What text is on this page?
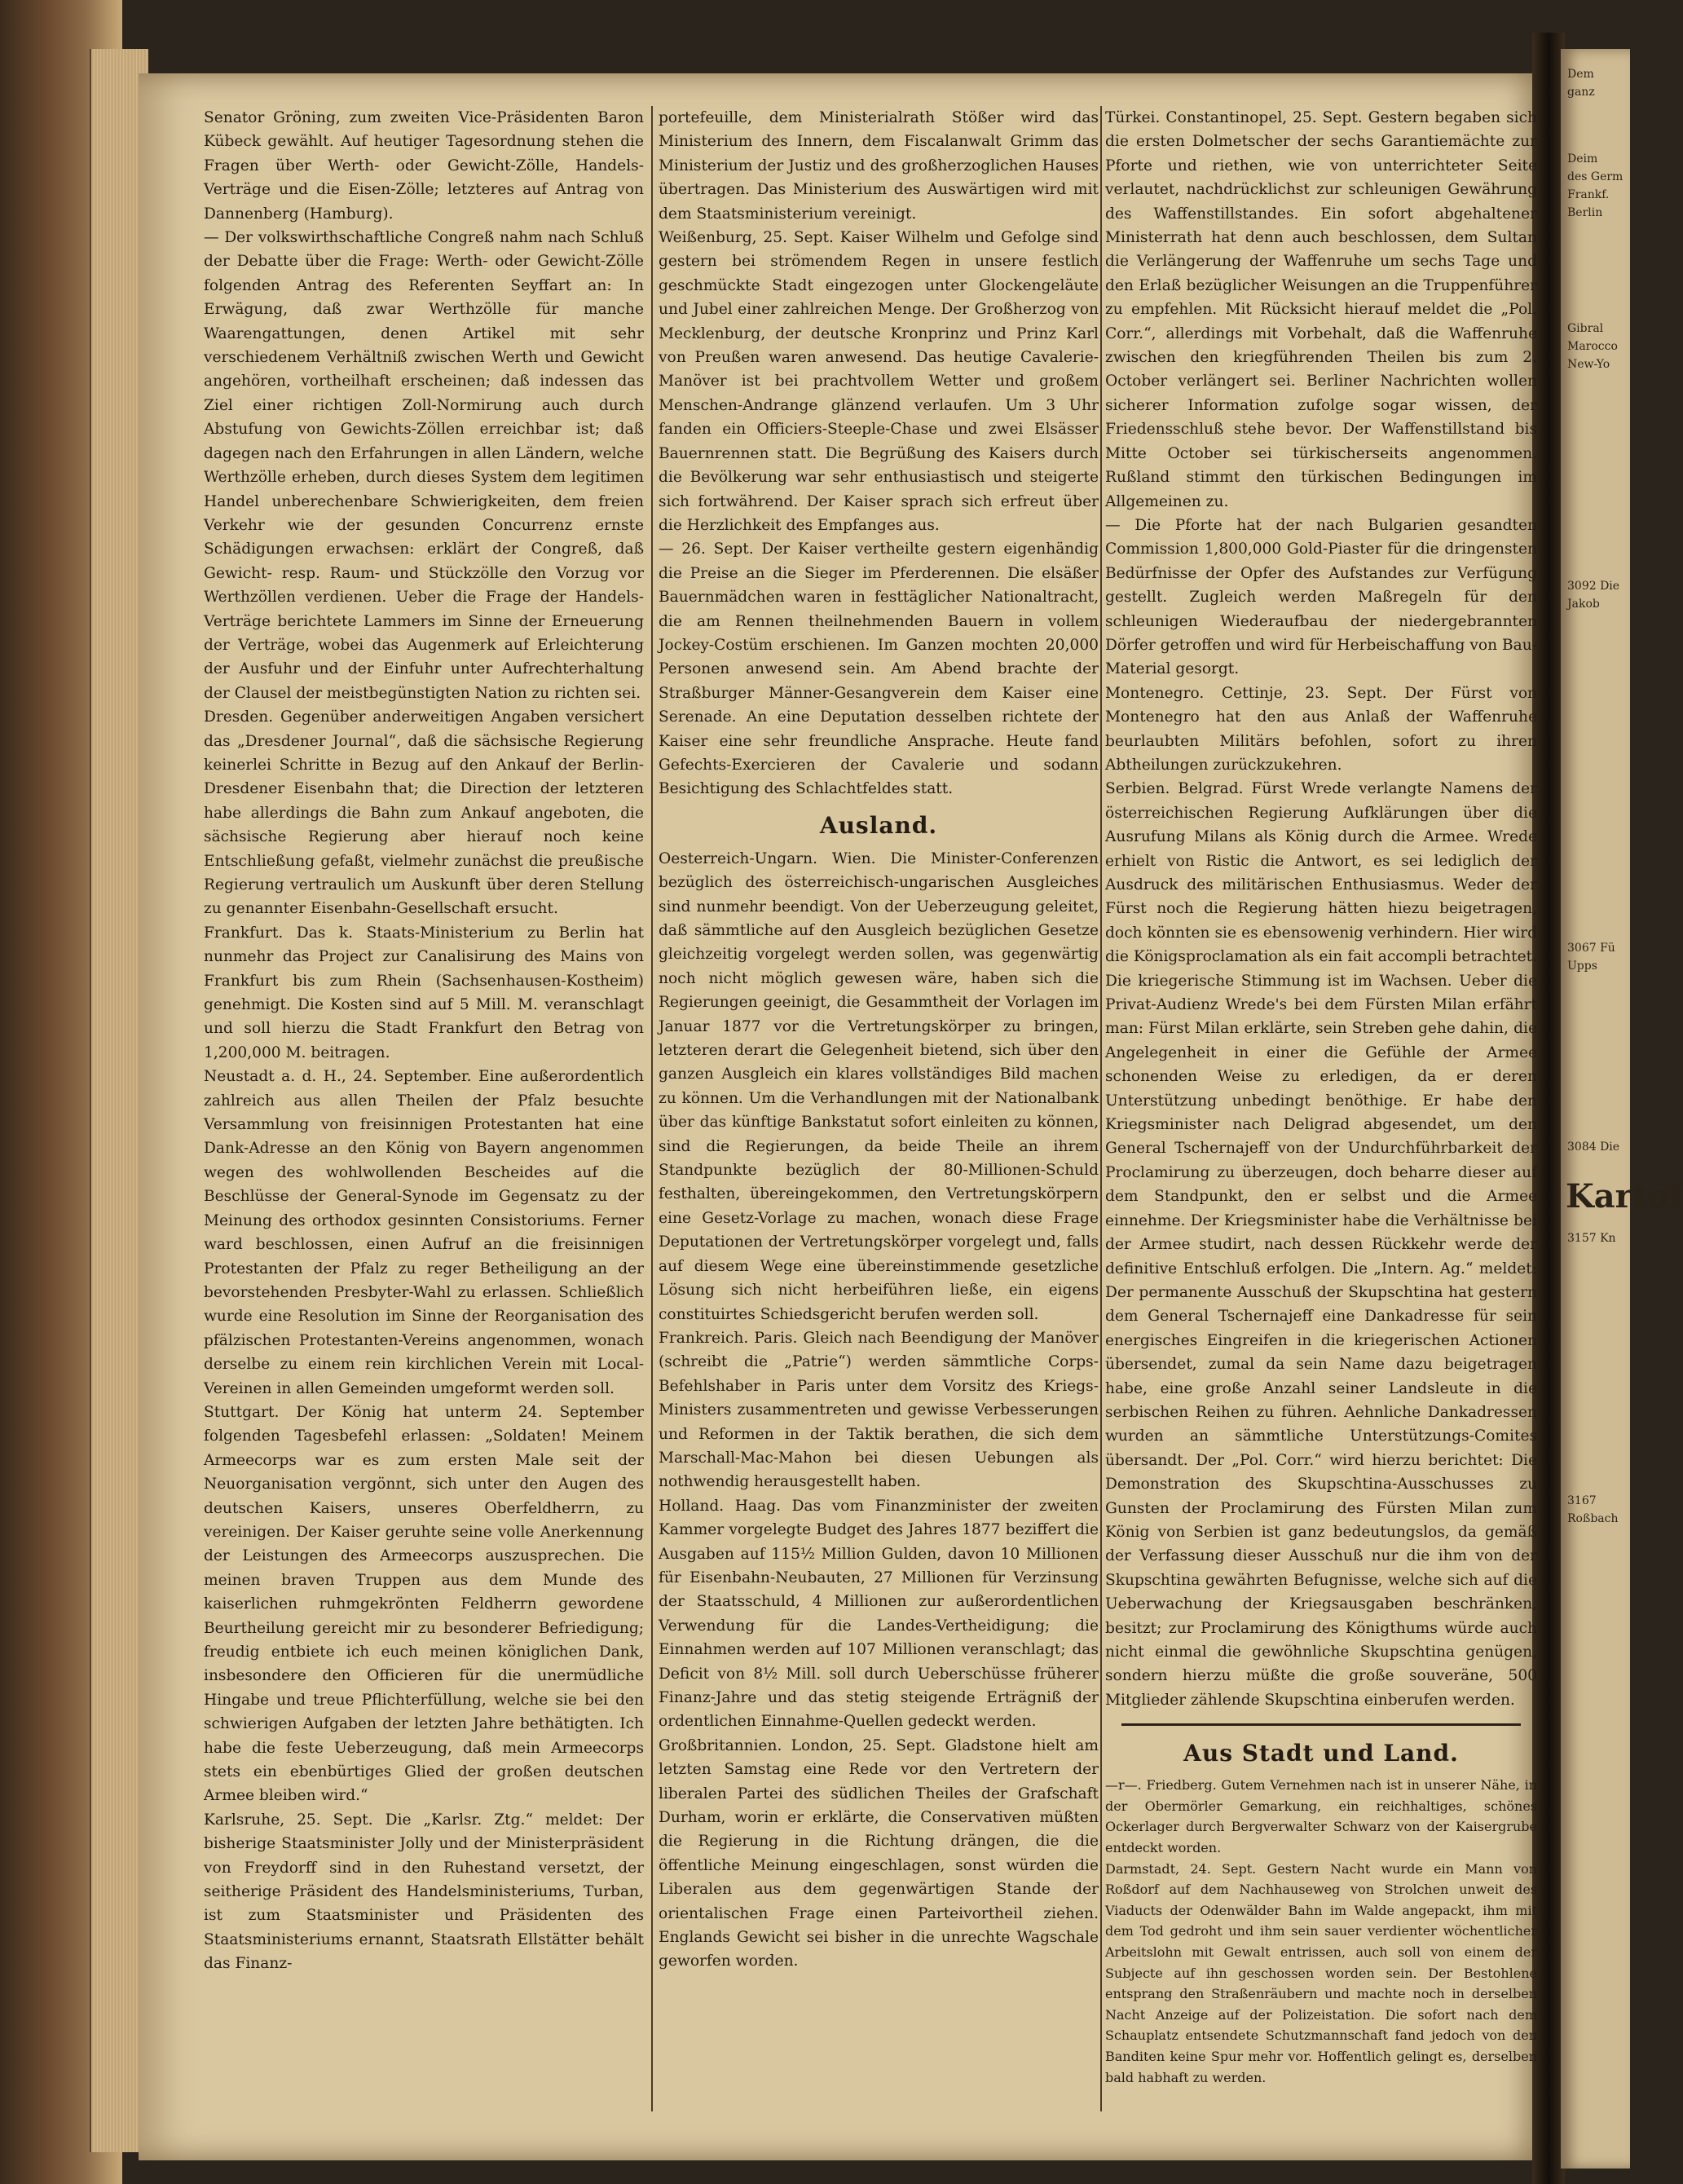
Dem
ganz
Deim
des Germ
Frankf.
Berlin
Gibral
Marocco
New-Yo
3092 Die
Jakob
3067 Fü
Upps
3084 Die
Kartof
3157 Kn
3167
Roßbach

Senator Gröning, zum zweiten Vice-Präsidenten Baron Kübeck gewählt. Auf heutiger Tagesordnung stehen die Fragen über Werth- oder Gewicht-Zölle, Handels-Verträge und die Eisen-Zölle; letzteres auf Antrag von Dannenberg (Hamburg).

— Der volkswirthschaftliche Congreß nahm nach Schluß der Debatte über die Frage: Werth- oder Gewicht-Zölle folgenden Antrag des Referenten Seyffart an: In Erwägung, daß zwar Werthzölle für manche Waarengattungen, denen Artikel mit sehr verschiedenem Verhältniß zwischen Werth und Gewicht angehören, vortheilhaft erscheinen; daß indessen das Ziel einer richtigen Zoll-Normirung auch durch Abstufung von Gewichts-Zöllen erreichbar ist; daß dagegen nach den Erfahrungen in allen Ländern, welche Werthzölle erheben, durch dieses System dem legitimen Handel unberechenbare Schwierigkeiten, dem freien Verkehr wie der gesunden Concurrenz ernste Schädigungen erwachsen: erklärt der Congreß, daß Gewicht- resp. Raum- und Stückzölle den Vorzug vor Werthzöllen verdienen. Ueber die Frage der Handels-Verträge berichtete Lammers im Sinne der Erneuerung der Verträge, wobei das Augenmerk auf Erleichterung der Ausfuhr und der Einfuhr unter Aufrechterhaltung der Clausel der meistbegünstigten Nation zu richten sei.

Dresden. Gegenüber anderweitigen Angaben versichert das „Dresdener Journal“, daß die sächsische Regierung keinerlei Schritte in Bezug auf den Ankauf der Berlin-Dresdener Eisenbahn that; die Direction der letzteren habe allerdings die Bahn zum Ankauf angeboten, die sächsische Regierung aber hierauf noch keine Entschließung gefaßt, vielmehr zunächst die preußische Regierung vertraulich um Auskunft über deren Stellung zu genannter Eisenbahn-Gesellschaft ersucht.

Frankfurt. Das k. Staats-Ministerium zu Berlin hat nunmehr das Project zur Canalisirung des Mains von Frankfurt bis zum Rhein (Sachsenhausen-Kostheim) genehmigt. Die Kosten sind auf 5 Mill. M. veranschlagt und soll hierzu die Stadt Frankfurt den Betrag von 1,200,000 M. beitragen.

Neustadt a. d. H., 24. September. Eine außerordentlich zahlreich aus allen Theilen der Pfalz besuchte Versammlung von freisinnigen Protestanten hat eine Dank-Adresse an den König von Bayern angenommen wegen des wohlwollenden Bescheides auf die Beschlüsse der General-Synode im Gegensatz zu der Meinung des orthodox gesinnten Consistoriums. Ferner ward beschlossen, einen Aufruf an die freisinnigen Protestanten der Pfalz zu reger Betheiligung an der bevorstehenden Presbyter-Wahl zu erlassen. Schließlich wurde eine Resolution im Sinne der Reorganisation des pfälzischen Protestanten-Vereins angenommen, wonach derselbe zu einem rein kirchlichen Verein mit Local-Vereinen in allen Gemeinden umgeformt werden soll.

Stuttgart. Der König hat unterm 24. September folgenden Tagesbefehl erlassen: „Soldaten! Meinem Armeecorps war es zum ersten Male seit der Neuorganisation vergönnt, sich unter den Augen des deutschen Kaisers, unseres Oberfeldherrn, zu vereinigen. Der Kaiser geruhte seine volle Anerkennung der Leistungen des Armeecorps auszusprechen. Die meinen braven Truppen aus dem Munde des kaiserlichen ruhmgekrönten Feldherrn gewordene Beurtheilung gereicht mir zu besonderer Befriedigung; freudig entbiete ich euch meinen königlichen Dank, insbesondere den Officieren für die unermüdliche Hingabe und treue Pflichterfüllung, welche sie bei den schwierigen Aufgaben der letzten Jahre bethätigten. Ich habe die feste Ueberzeugung, daß mein Armeecorps stets ein ebenbürtiges Glied der großen deutschen Armee bleiben wird.“

Karlsruhe, 25. Sept. Die „Karlsr. Ztg.“ meldet: Der bisherige Staatsminister Jolly und der Ministerpräsident von Freydorff sind in den Ruhestand versetzt, der seitherige Präsident des Handelsministeriums, Turban, ist zum Staatsminister und Präsidenten des Staatsministeriums ernannt, Staatsrath Ellstätter behält das Finanz-

portefeuille, dem Ministerialrath Stößer wird das Ministerium des Innern, dem Fiscalanwalt Grimm das Ministerium der Justiz und des großherzoglichen Hauses übertragen. Das Ministerium des Auswärtigen wird mit dem Staatsministerium vereinigt.

Weißenburg, 25. Sept. Kaiser Wilhelm und Gefolge sind gestern bei strömendem Regen in unsere festlich geschmückte Stadt eingezogen unter Glockengeläute und Jubel einer zahlreichen Menge. Der Großherzog von Mecklenburg, der deutsche Kronprinz und Prinz Karl von Preußen waren anwesend. Das heutige Cavalerie-Manöver ist bei prachtvollem Wetter und großem Menschen-Andrange glänzend verlaufen. Um 3 Uhr fanden ein Officiers-Steeple-Chase und zwei Elsässer Bauernrennen statt. Die Begrüßung des Kaisers durch die Bevölkerung war sehr enthusiastisch und steigerte sich fortwährend. Der Kaiser sprach sich erfreut über die Herzlichkeit des Empfanges aus.

— 26. Sept. Der Kaiser vertheilte gestern eigenhändig die Preise an die Sieger im Pferderennen. Die elsäßer Bauernmädchen waren in festtäglicher Nationaltracht, die am Rennen theilnehmenden Bauern in vollem Jockey-Costüm erschienen. Im Ganzen mochten 20,000 Personen anwesend sein. Am Abend brachte der Straßburger Männer-Gesangverein dem Kaiser eine Serenade. An eine Deputation desselben richtete der Kaiser eine sehr freundliche Ansprache. Heute fand Gefechts-Exercieren der Cavalerie und sodann Besichtigung des Schlachtfeldes statt.

Ausland.

Oesterreich-Ungarn. Wien. Die Minister-Conferenzen bezüglich des österreichisch-ungarischen Ausgleiches sind nunmehr beendigt. Von der Ueberzeugung geleitet, daß sämmtliche auf den Ausgleich bezüglichen Gesetze gleichzeitig vorgelegt werden sollen, was gegenwärtig noch nicht möglich gewesen wäre, haben sich die Regierungen geeinigt, die Gesammtheit der Vorlagen im Januar 1877 vor die Vertretungskörper zu bringen, letzteren derart die Gelegenheit bietend, sich über den ganzen Ausgleich ein klares vollständiges Bild machen zu können. Um die Verhandlungen mit der Nationalbank über das künftige Bankstatut sofort einleiten zu können, sind die Regierungen, da beide Theile an ihrem Standpunkte bezüglich der 80-Millionen-Schuld festhalten, übereingekommen, den Vertretungskörpern eine Gesetz-Vorlage zu machen, wonach diese Frage Deputationen der Vertretungskörper vorgelegt und, falls auf diesem Wege eine übereinstimmende gesetzliche Lösung sich nicht herbeiführen ließe, ein eigens constituirtes Schiedsgericht berufen werden soll.

Frankreich. Paris. Gleich nach Beendigung der Manöver (schreibt die „Patrie“) werden sämmtliche Corps-Befehlshaber in Paris unter dem Vorsitz des Kriegs-Ministers zusammentreten und gewisse Verbesserungen und Reformen in der Taktik berathen, die sich dem Marschall-Mac-Mahon bei diesen Uebungen als nothwendig herausgestellt haben.

Holland. Haag. Das vom Finanzminister der zweiten Kammer vorgelegte Budget des Jahres 1877 beziffert die Ausgaben auf 115½ Million Gulden, davon 10 Millionen für Eisenbahn-Neubauten, 27 Millionen für Verzinsung der Staatsschuld, 4 Millionen zur außerordentlichen Verwendung für die Landes-Vertheidigung; die Einnahmen werden auf 107 Millionen veranschlagt; das Deficit von 8½ Mill. soll durch Ueberschüsse früherer Finanz-Jahre und das stetig steigende Erträgniß der ordentlichen Einnahme-Quellen gedeckt werden.

Großbritannien. London, 25. Sept. Gladstone hielt am letzten Samstag eine Rede vor den Vertretern der liberalen Partei des südlichen Theiles der Grafschaft Durham, worin er erklärte, die Conservativen müßten die Regierung in die Richtung drängen, die die öffentliche Meinung eingeschlagen, sonst würden die Liberalen aus dem gegenwärtigen Stande der orientalischen Frage einen Parteivortheil ziehen. Englands Gewicht sei bisher in die unrechte Wagschale geworfen worden.

Türkei. Constantinopel, 25. Sept. Gestern begaben sich die ersten Dolmetscher der sechs Garantiemächte zur Pforte und riethen, wie von unterrichteter Seite verlautet, nachdrücklichst zur schleunigen Gewährung des Waffenstillstandes. Ein sofort abgehaltener Ministerrath hat denn auch beschlossen, dem Sultan die Verlängerung der Waffenruhe um sechs Tage und den Erlaß bezüglicher Weisungen an die Truppenführer zu empfehlen. Mit Rücksicht hierauf meldet die „Pol. Corr.“, allerdings mit Vorbehalt, daß die Waffenruhe zwischen den kriegführenden Theilen bis zum 2. October verlängert sei. Berliner Nachrichten wollen sicherer Information zufolge sogar wissen, der Friedensschluß stehe bevor. Der Waffenstillstand bis Mitte October sei türkischerseits angenommen. Rußland stimmt den türkischen Bedingungen im Allgemeinen zu.

— Die Pforte hat der nach Bulgarien gesandten Commission 1,800,000 Gold-Piaster für die dringensten Bedürfnisse der Opfer des Aufstandes zur Verfügung gestellt. Zugleich werden Maßregeln für den schleunigen Wiederaufbau der niedergebrannten Dörfer getroffen und wird für Herbeischaffung von Bau-Material gesorgt.

Montenegro. Cettinje, 23. Sept. Der Fürst von Montenegro hat den aus Anlaß der Waffenruhe beurlaubten Militärs befohlen, sofort zu ihren Abtheilungen zurückzukehren.

Serbien. Belgrad. Fürst Wrede verlangte Namens der österreichischen Regierung Aufklärungen über die Ausrufung Milans als König durch die Armee. Wrede erhielt von Ristic die Antwort, es sei lediglich der Ausdruck des militärischen Enthusiasmus. Weder der Fürst noch die Regierung hätten hiezu beigetragen, doch könnten sie es ebensowenig verhindern. Hier wird die Königsproclamation als ein fait accompli betrachtet. Die kriegerische Stimmung ist im Wachsen. Ueber die Privat-Audienz Wrede's bei dem Fürsten Milan erfährt man: Fürst Milan erklärte, sein Streben gehe dahin, die Angelegenheit in einer die Gefühle der Armee schonenden Weise zu erledigen, da er deren Unterstützung unbedingt benöthige. Er habe den Kriegsminister nach Deligrad abgesendet, um den General Tschernajeff von der Undurchführbarkeit der Proclamirung zu überzeugen, doch beharre dieser auf dem Standpunkt, den er selbst und die Armee einnehme. Der Kriegsminister habe die Verhältnisse bei der Armee studirt, nach dessen Rückkehr werde der definitive Entschluß erfolgen. Die „Intern. Ag.“ meldet: Der permanente Ausschuß der Skupschtina hat gestern dem General Tschernajeff eine Dankadresse für sein energisches Eingreifen in die kriegerischen Actionen übersendet, zumal da sein Name dazu beigetragen habe, eine große Anzahl seiner Landsleute in die serbischen Reihen zu führen. Aehnliche Dankadressen wurden an sämmtliche Unterstützungs-Comites übersandt. Der „Pol. Corr.“ wird hierzu berichtet: Die Demonstration des Skupschtina-Ausschusses zu Gunsten der Proclamirung des Fürsten Milan zum König von Serbien ist ganz bedeutungslos, da gemäß der Verfassung dieser Ausschuß nur die ihm von der Skupschtina gewährten Befugnisse, welche sich auf die Ueberwachung der Kriegsausgaben beschränken, besitzt; zur Proclamirung des Königthums würde auch nicht einmal die gewöhnliche Skupschtina genügen, sondern hierzu müßte die große souveräne, 500 Mitglieder zählende Skupschtina einberufen werden.

Aus Stadt und Land.

—r—. Friedberg. Gutem Vernehmen nach ist in unserer Nähe, in der Obermörler Gemarkung, ein reichhaltiges, schönes Ockerlager durch Bergverwalter Schwarz von der Kaisergrube entdeckt worden.

Darmstadt, 24. Sept. Gestern Nacht wurde ein Mann von Roßdorf auf dem Nachhauseweg von Strolchen unweit des Viaducts der Odenwälder Bahn im Walde angepackt, ihm mit dem Tod gedroht und ihm sein sauer verdienter wöchentlicher Arbeitslohn mit Gewalt entrissen, auch soll von einem der Subjecte auf ihn geschossen worden sein. Der Bestohlene entsprang den Straßenräubern und machte noch in derselben Nacht Anzeige auf der Polizeistation. Die sofort nach dem Schauplatz entsendete Schutzmannschaft fand jedoch von den Banditen keine Spur mehr vor. Hoffentlich gelingt es, derselben bald habhaft zu werden.
